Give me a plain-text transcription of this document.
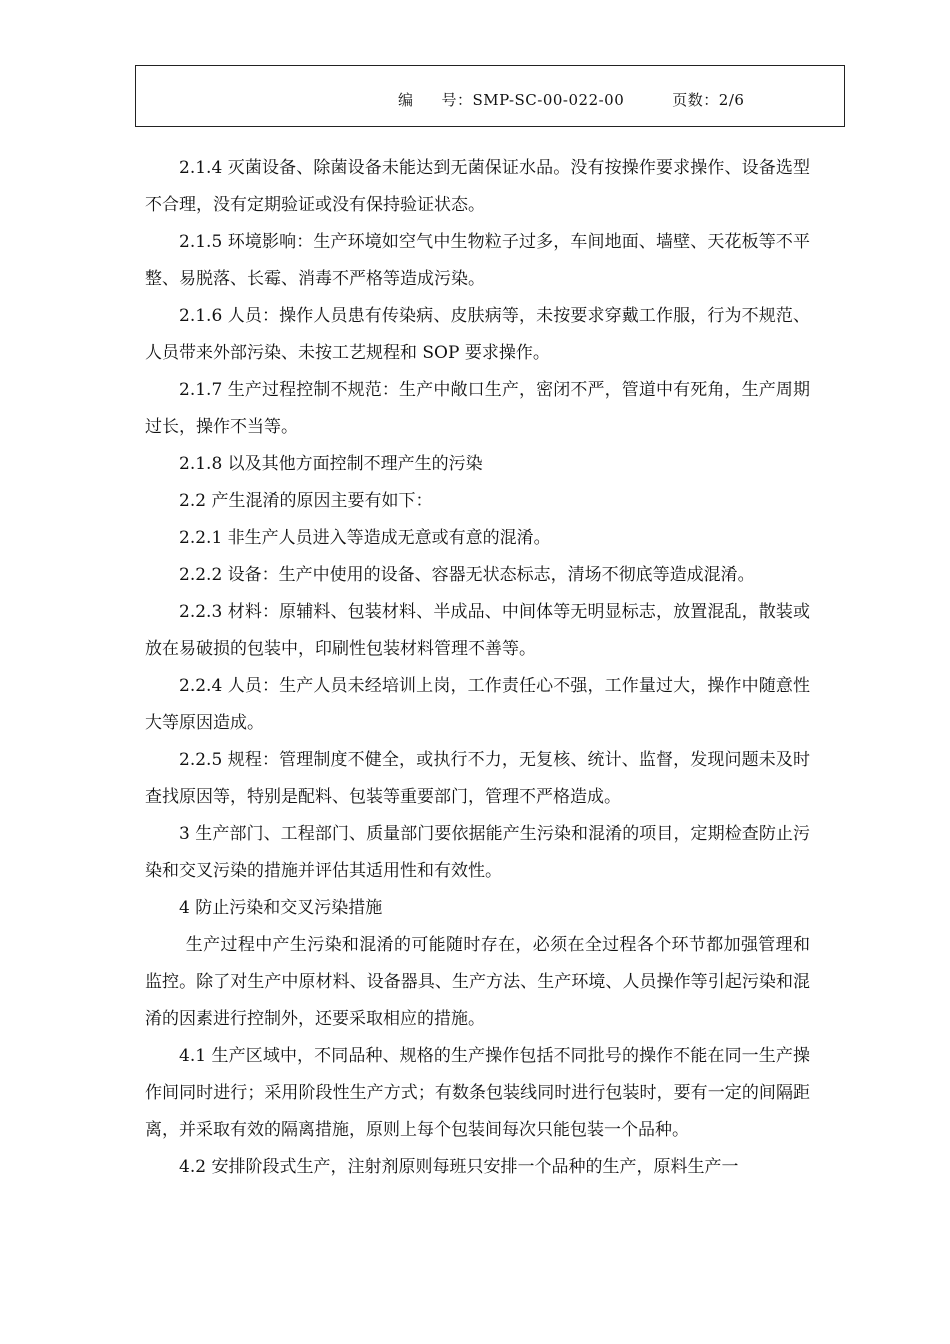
编 号：SMP-SC-00-022-00	页数：2/6

2.1.4 灭菌设备、除菌设备未能达到无菌保证水品。没有按操作要求操作、设备选型不合理，没有定期验证或没有保持验证状态。

2.1.5 环境影响：生产环境如空气中生物粒子过多，车间地面、墙壁、天花板等不平整、易脱落、长霉、消毒不严格等造成污染。

2.1.6 人员：操作人员患有传染病、皮肤病等，未按要求穿戴工作服，行为不规范、人员带来外部污染、未按工艺规程和 SOP 要求操作。

2.1.7 生产过程控制不规范：生产中敞口生产，密闭不严，管道中有死角，生产周期过长，操作不当等。

2.1.8 以及其他方面控制不理产生的污染

2.2 产生混淆的原因主要有如下：

2.2.1 非生产人员进入等造成无意或有意的混淆。

2.2.2 设备：生产中使用的设备、容器无状态标志，清场不彻底等造成混淆。

2.2.3 材料：原辅料、包装材料、半成品、中间体等无明显标志，放置混乱，散装或放在易破损的包装中，印刷性包装材料管理不善等。

2.2.4 人员：生产人员未经培训上岗，工作责任心不强，工作量过大，操作中随意性大等原因造成。

2.2.5 规程：管理制度不健全，或执行不力，无复核、统计、监督，发现问题未及时查找原因等，特别是配料、包装等重要部门，管理不严格造成。

3 生产部门、工程部门、质量部门要依据能产生污染和混淆的项目，定期检查防止污染和交叉污染的措施并评估其适用性和有效性。

4 防止污染和交叉污染措施

生产过程中产生污染和混淆的可能随时存在，必须在全过程各个环节都加强管理和监控。除了对生产中原材料、设备器具、生产方法、生产环境、人员操作等引起污染和混淆的因素进行控制外，还要采取相应的措施。

4.1 生产区域中，不同品种、规格的生产操作包括不同批号的操作不能在同一生产操作间同时进行；采用阶段性生产方式；有数条包装线同时进行包装时，要有一定的间隔距离，并采取有效的隔离措施，原则上每个包装间每次只能包装一个品种。

4.2 安排阶段式生产，注射剂原则每班只安排一个品种的生产，原料生产一
